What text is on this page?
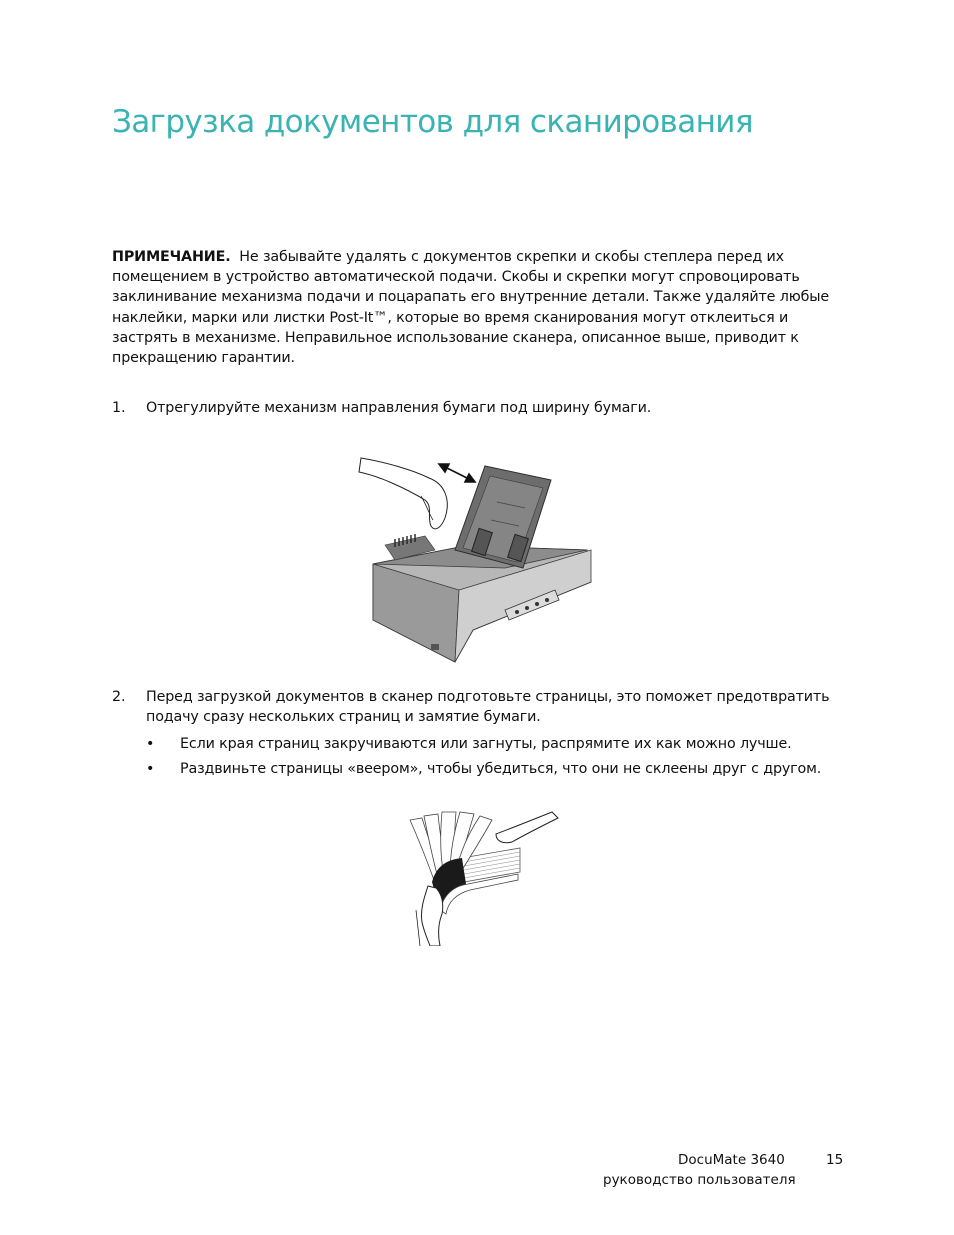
Загрузка документов для сканирования

ПРИМЕЧАНИЕ. Не забывайте удалять с документов скрепки и скобы степлера перед их помещением в устройство автоматической подачи. Скобы и скрепки могут спровоцировать заклинивание механизма подачи и поцарапать его внутренние детали. Также удаляйте любые наклейки, марки или листки Post-It™, которые во время сканирования могут отклеиться и застрять в механизме. Неправильное использование сканера, описанное выше, приводит к прекращению гарантии.

1. Отрегулируйте механизм направления бумаги под ширину бумаги.
2. Перед загрузкой документов в сканер подготовьте страницы, это поможет предотвратить подачу сразу нескольких страниц и замятие бумаги.
• Если края страниц закручиваются или загнуты, распрямите их как можно лучше.
• Раздвиньте страницы «веером», чтобы убедиться, что они не склеены друг с другом.
DocuMate 3640	15
руководство пользователя
